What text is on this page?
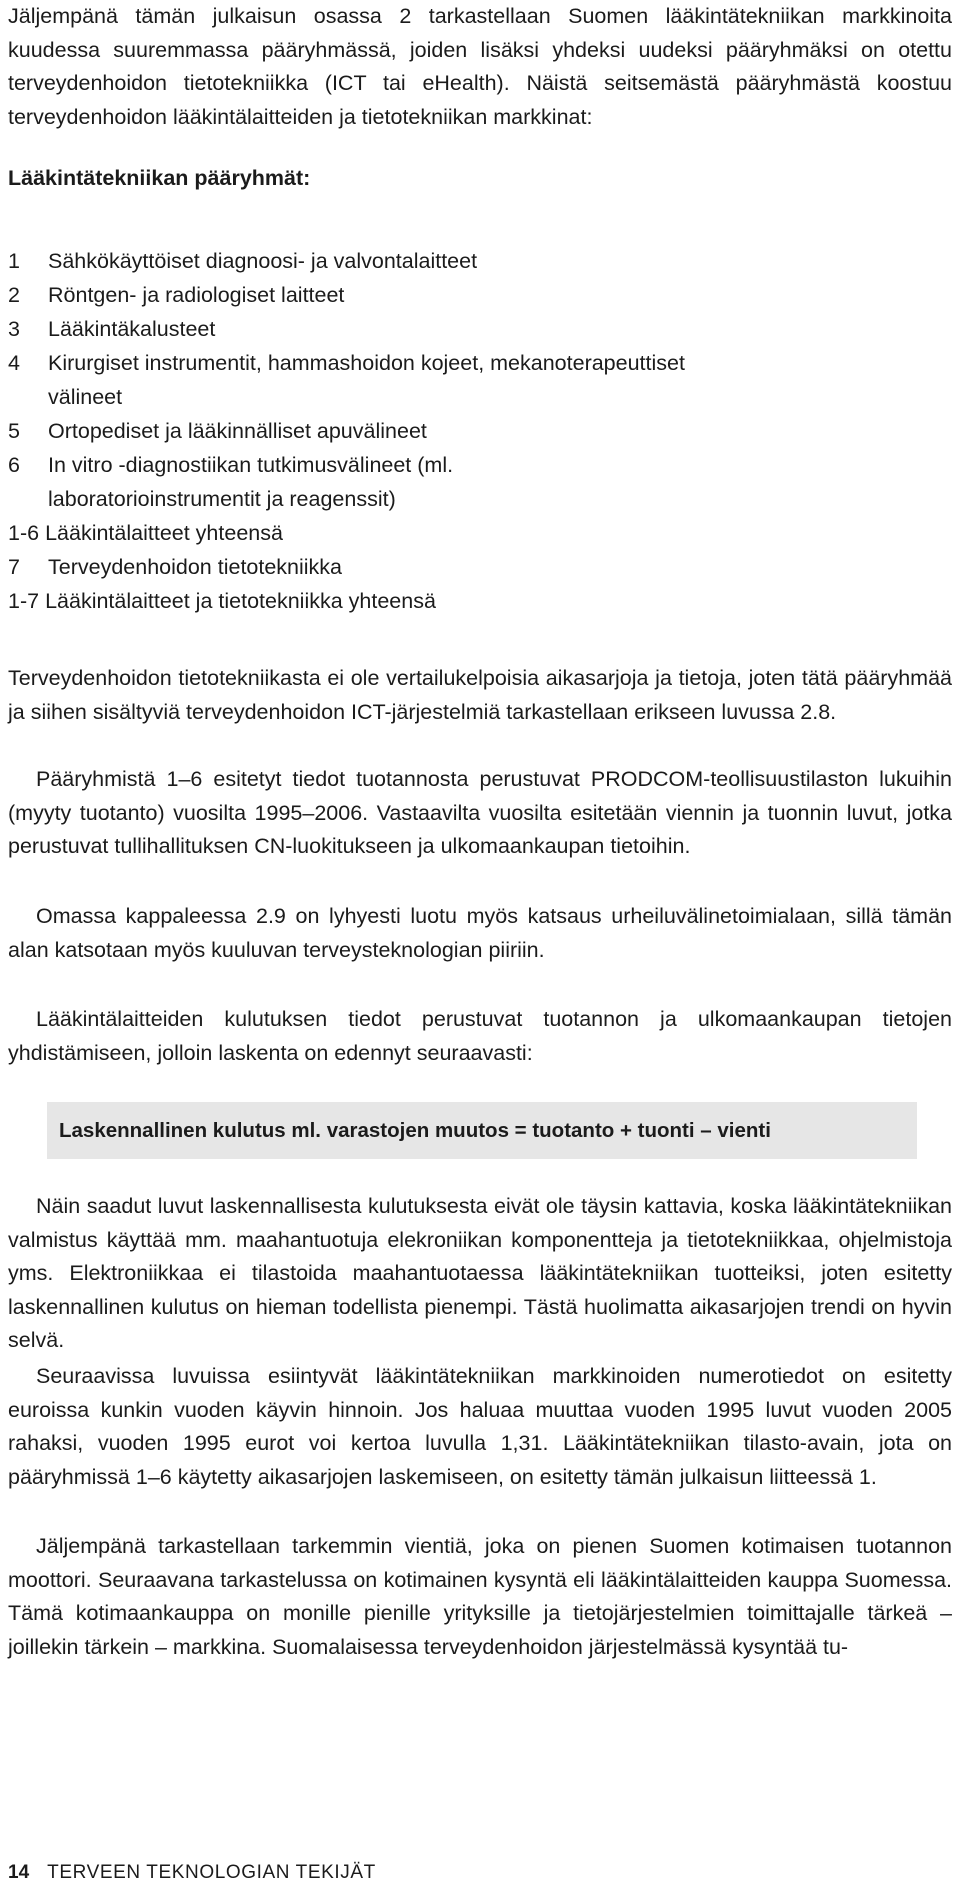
Jäljempänä tämän julkaisun osassa 2 tarkastellaan Suomen lääkintätekniikan markkinoita kuudessa suuremmassa pääryhmässä, joiden lisäksi yhdeksi uudeksi pääryhmäksi on otettu terveydenhoidon tietotekniikka (ICT tai eHealth). Näistä seitsemästä pääryhmästä koostuu terveydenhoidon lääkintälaitteiden ja tietotekniikan markkinat:

Lääkintätekniikan pääryhmät:

1	Sähkökäyttöiset diagnoosi- ja valvontalaitteet
2	Röntgen- ja radiologiset laitteet
3	Lääkintäkalusteet
4	Kirurgiset instrumentit, hammashoidon kojeet, mekanoterapeuttiset välineet
5	Ortopediset ja lääkinnälliset apuvälineet
6	In vitro -diagnostiikan tutkimusvälineet (ml. laboratorioinstrumentit ja reagenssit)
1-6 Lääkintälaitteet yhteensä
7	Terveydenhoidon tietotekniikka
1-7 Lääkintälaitteet ja tietotekniikka yhteensä

Terveydenhoidon tietotekniikasta ei ole vertailukelpoisia aikasarjoja ja tietoja, joten tätä pääryhmää ja siihen sisältyviä terveydenhoidon ICT-järjestelmiä tarkastellaan erikseen luvussa 2.8.

Pääryhmistä 1–6 esitetyt tiedot tuotannosta perustuvat PRODCOM-teollisuustilaston lukuihin (myyty tuotanto) vuosilta 1995–2006. Vastaavilta vuosilta esitetään viennin ja tuonnin luvut, jotka perustuvat tullihallituksen CN-luokitukseen ja ulkomaankaupan tietoihin.

Omassa kappaleessa 2.9 on lyhyesti luotu myös katsaus urheiluvälinetoimialaan, sillä tämän alan katsotaan myös kuuluvan terveysteknologian piiriin.

Lääkintälaitteiden kulutuksen tiedot perustuvat tuotannon ja ulkomaankaupan tietojen yhdistämiseen, jolloin laskenta on edennyt seuraavasti:

Laskennallinen kulutus ml. varastojen muutos = tuotanto + tuonti – vienti

Näin saadut luvut laskennallisesta kulutuksesta eivät ole täysin kattavia, koska lääkintätekniikan valmistus käyttää mm. maahantuotuja elekroniikan komponentteja ja tietotekniikkaa, ohjelmistoja yms. Elektroniikkaa ei tilastoida maahantuotaessa lääkintätekniikan tuotteiksi, joten esitetty laskennallinen kulutus on hieman todellista pienempi. Tästä huolimatta aikasarjojen trendi on hyvin selvä.

Seuraavissa luvuissa esiintyvät lääkintätekniikan markkinoiden numerotiedot on esitetty euroissa kunkin vuoden käyvin hinnoin. Jos haluaa muuttaa vuoden 1995 luvut vuoden 2005 rahaksi, vuoden 1995 eurot voi kertoa luvulla 1,31. Lääkintätekniikan tilasto-avain, jota on pääryhmissä 1–6 käytetty aikasarjojen laskemiseen, on esitetty tämän julkaisun liitteessä 1.

Jäljempänä tarkastellaan tarkemmin vientiä, joka on pienen Suomen kotimaisen tuotannon moottori. Seuraavana tarkastelussa on kotimainen kysyntä eli lääkintälaitteiden kauppa Suomessa. Tämä kotimaankauppa on monille pienille yrityksille ja tietojärjestelmien toimittajalle tärkeä – joillekin tärkein – markkina. Suomalaisessa terveydenhoidon järjestelmässä kysyntää tu-

14 TERVEEN TEKNOLOGIAN TEKIJÄT
